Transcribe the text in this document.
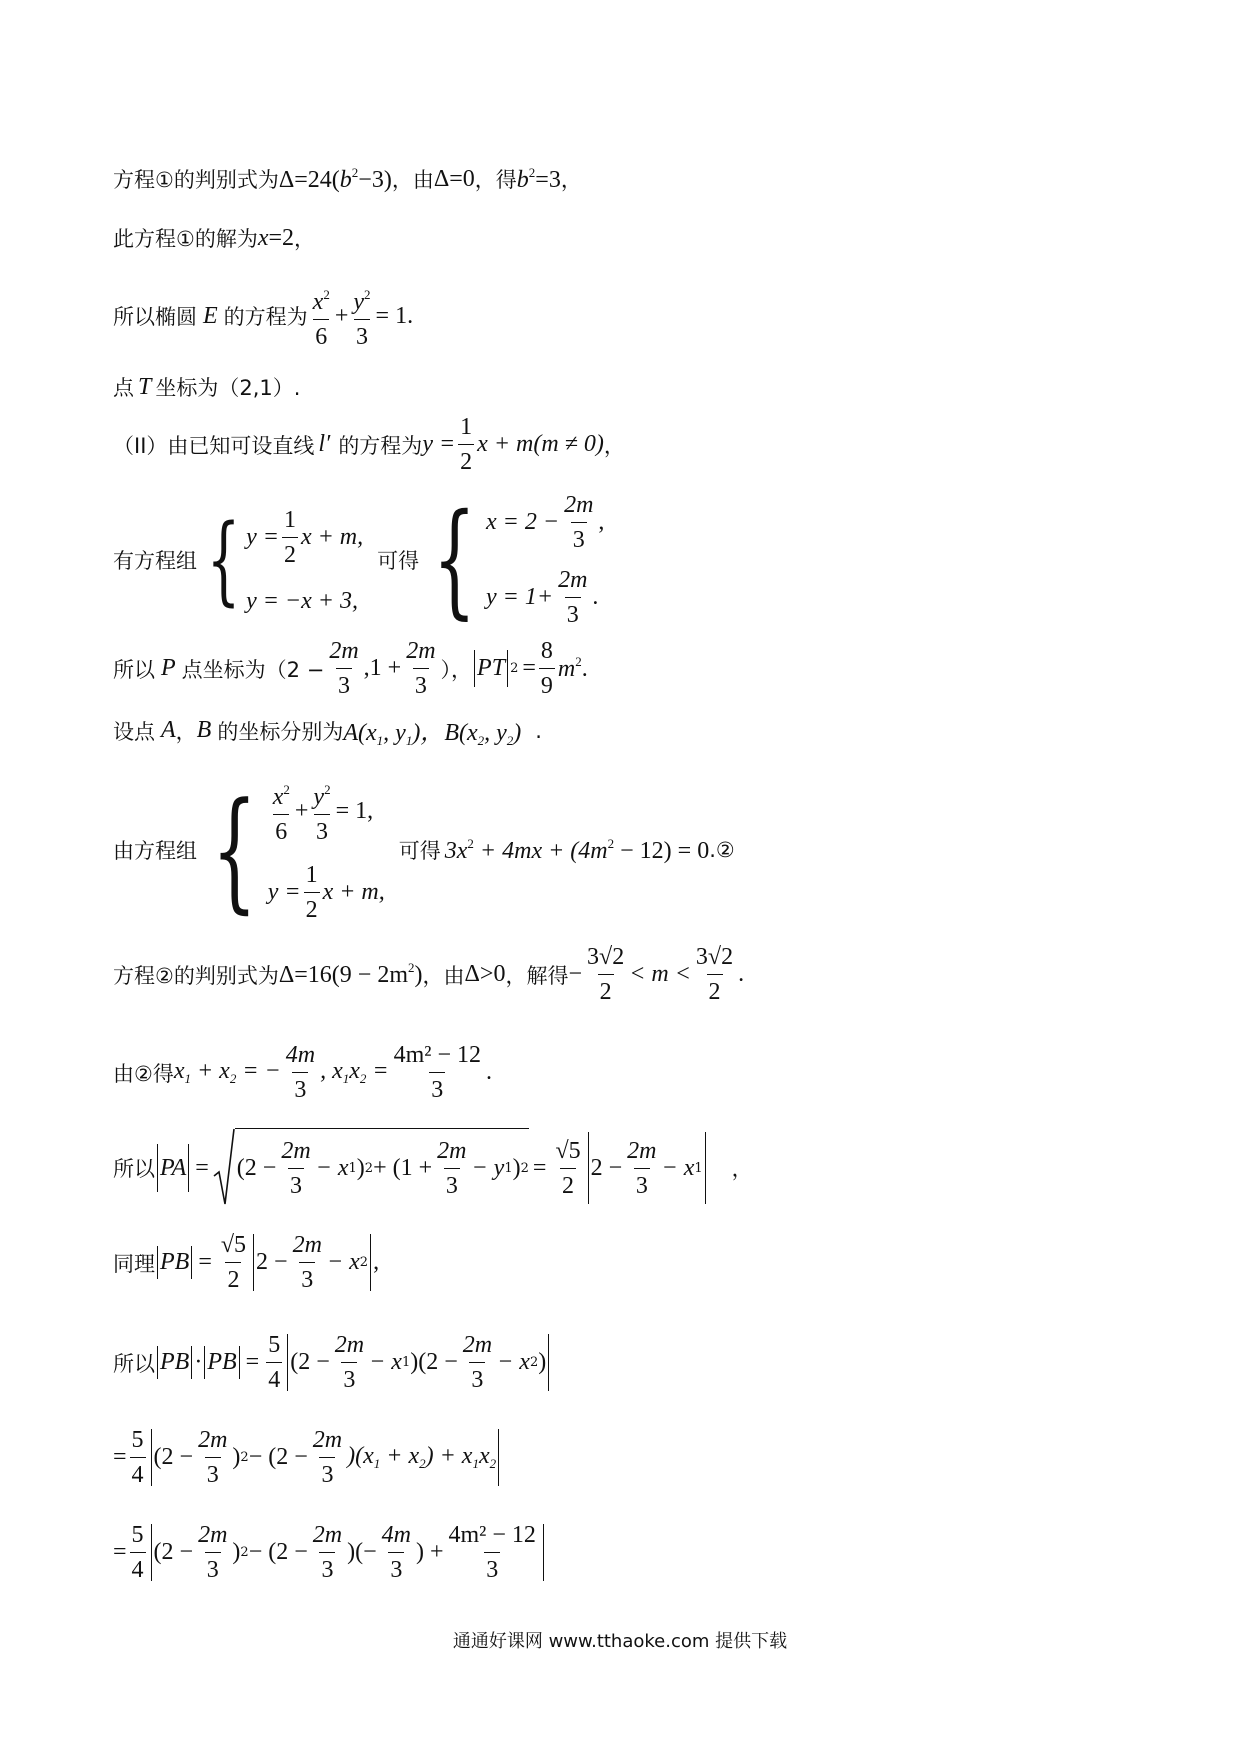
方程①的判别式为 $\Delta=24(b^2-3)$ ，由 Δ=0 ，得 $b^2=3$ ，
此方程①的解为 x=2 ，
所以椭圆 E 的方程为 $\frac{x^2}{6} + \frac{y^2}{3} = 1$.
点 T 坐标为（2,1）.
（II）由已知可设直线 l′ 的方程为 $y = \frac{1}{2}$ x + m(m ≠ 0) ，
有方程组 { $y = \frac{1}{2}$ x + m,
y = −x + 3,
可得 { $x = 2 - \frac{2m}{3}$ ,
$y = 1+ \frac{2m}{3}$ .
所以 P 点坐标为（$2 - \frac{2m}{3} ,1 + \frac{2m}{3}$ ）， PT $2 = \frac{8}{9} m^2$.
设点 A ， B 的坐标分别为 $A(x_1$, $y_1$)，$B(x_2$, $y_2$) .
由方程组 { $\frac{x^2}{6} + \frac{y^2}{3} = 1$,
$y = \frac{1}{2}$ x + m,
可得 $3x^2 + 4mx + (4m^2 - 12) = 0$ .②
方程②的判别式为 $\Delta=16(9 - 2m^2)$ ，由 Δ>0 ，解得 − $\frac{3√2}{2} < m < \frac{3√2}{2}$ .
由②得 $x_1 + x_2$ = − $\frac{4m}{3}$ , $x_1x_2 = \frac{\text{4m² − 12}}{3}$ .
所以 PA = ($2 - \frac{2m}{3} - x$ 1 ) $2 + (1 + \frac{2m}{3} - y$ 1 ) $2 = \frac{√5}{2} 2 - \frac{2m}{3} - x$ 1 ，
同理 PB = $\frac{√5}{2} 2 - \frac{2m}{3} - x$ 2 ,
所以 PB · PB = $\frac{5}{4} (2 - \frac{2m}{3} - x$ 1 )($2 - \frac{2m}{3} - x$ 2 )
= $\frac{5}{4} (2 - \frac{2m}{3}$ ) $2 - (2 - \frac{2m}{3} )(x_1 + x_2) + x_1x_2$
= $\frac{5}{4} (2 - \frac{2m}{3}$ ) $2 - (2 - \frac{2m}{3}$ )(− $\frac{4m}{3}$ ) + $\frac{\text{4m² − 12}}{3}$
通通好课网 www.tthaoke.com 提供下载
